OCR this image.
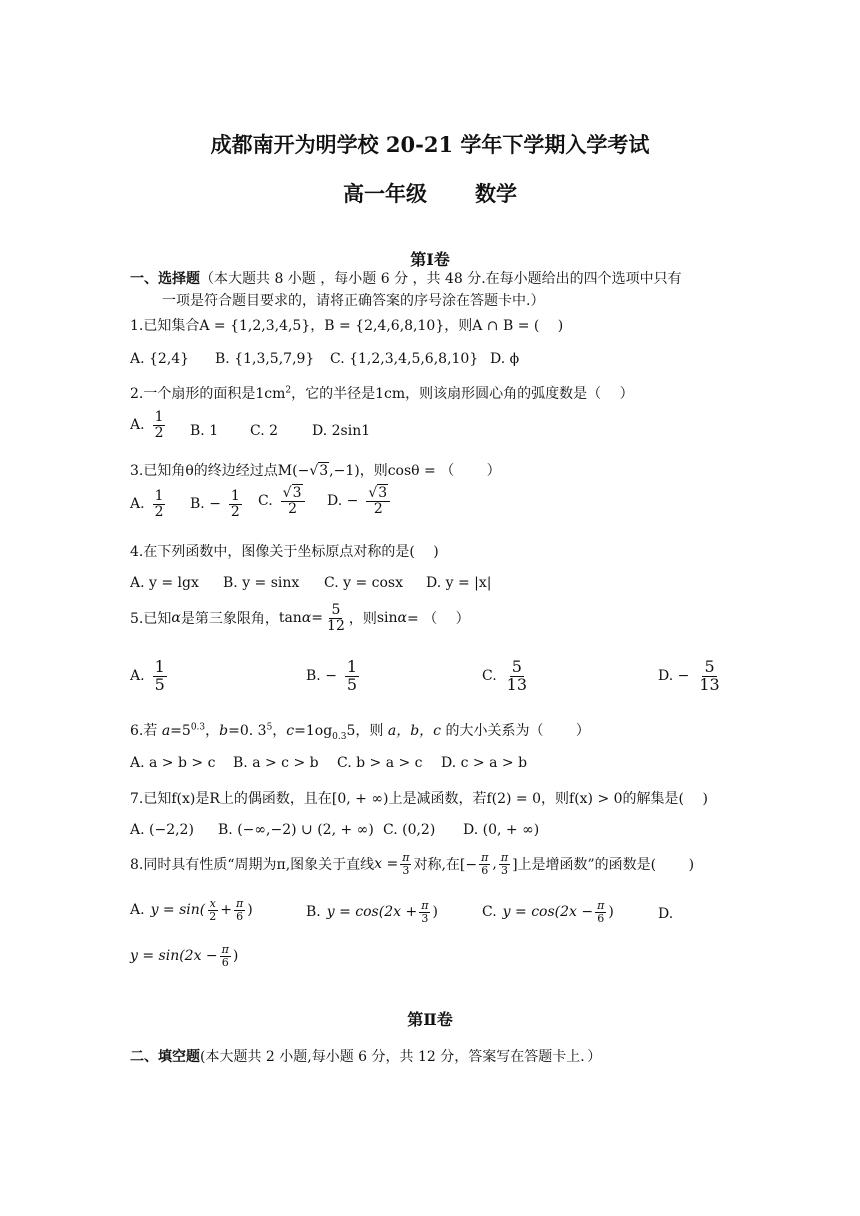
成都南开为明学校 20-21 学年下学期入学考试
高一年级 数学
第Ⅰ卷
一、选择题（本大题共 8 小题 ，每小题 6 分 ，共 48 分.在每小题给出的四个选项中只有
一项是符合题目要求的，请将正确答案的序号涂在答题卡中.）
1.已知集合A = {1,2,3,4,5}，B = {2,4,6,8,10}，则A ∩ B = (　 )
A. {2,4} B. {1,3,5,7,9} C. {1,2,3,4,5,6,8,10} D. ϕ
2.一个扇形的面积是$1cm^2$，它的半径是1cm，则该扇形圆心角的弧度数是（　 ）
A. $\frac{1}{2} B$. 1 C. 2 D. 2sin1
3.已知角θ的终边经过点M(−√3,−1)，则cosθ = （　　 ）
A. $\frac{1}{2} B$. − $\frac{1}{2} C$. $\frac{√3}{2} D$. − $\frac{√3}{2}$
4.在下列函数中，图像关于坐标原点对称的是(　 )
A. y = lgx B. y = sinx C. y = cosx D. y = |x|
5.已知 α 是第三象限角， $\tan \alpha = \frac{5}{12}$ ，则 sin α = （　 ）
A. $\frac{1}{5}$	B. − $\frac{1}{5}$	C. $\frac{5}{13}$	D. − $\frac{5}{13}$
6.若 $a=5^{0.3}$，b=0. $3^5$，$c=1og_{0.3}5$，则 a，b，c 的大小关系为（　　 ）
A. a > b > c B. a > c > b C. b > a > c D. c > a > b
7.已知f(x)是R上的偶函数，且在[0, + ∞)上是减函数，若f(2) = 0，则f(x) > 0的解集是(　 )
A. (−2,2) B. (−∞,−2) ∪ (2, + ∞) C. (0,2) D. (0, + ∞)
8.同时具有性质“周期为π,图象关于直线 $x = \frac{\pi}{3}$ 对称,在[− $\frac{\pi}{6}$ , $\frac{\pi}{3}$ ]上是增函数”的函数是(　　 )
A. $y = \sin( \frac{x}{2} + \frac{\pi}{6}$ )	B. $y = \cos(2x + \frac{\pi}{3}$ )	C. $y = \cos(2x - \frac{\pi}{6}$ )	D.
$y = \sin(2x - \frac{\pi}{6}$ )
第Ⅱ卷
二、填空题(本大题共 2 小题,每小题 6 分，共 12 分，答案写在答题卡上．）
